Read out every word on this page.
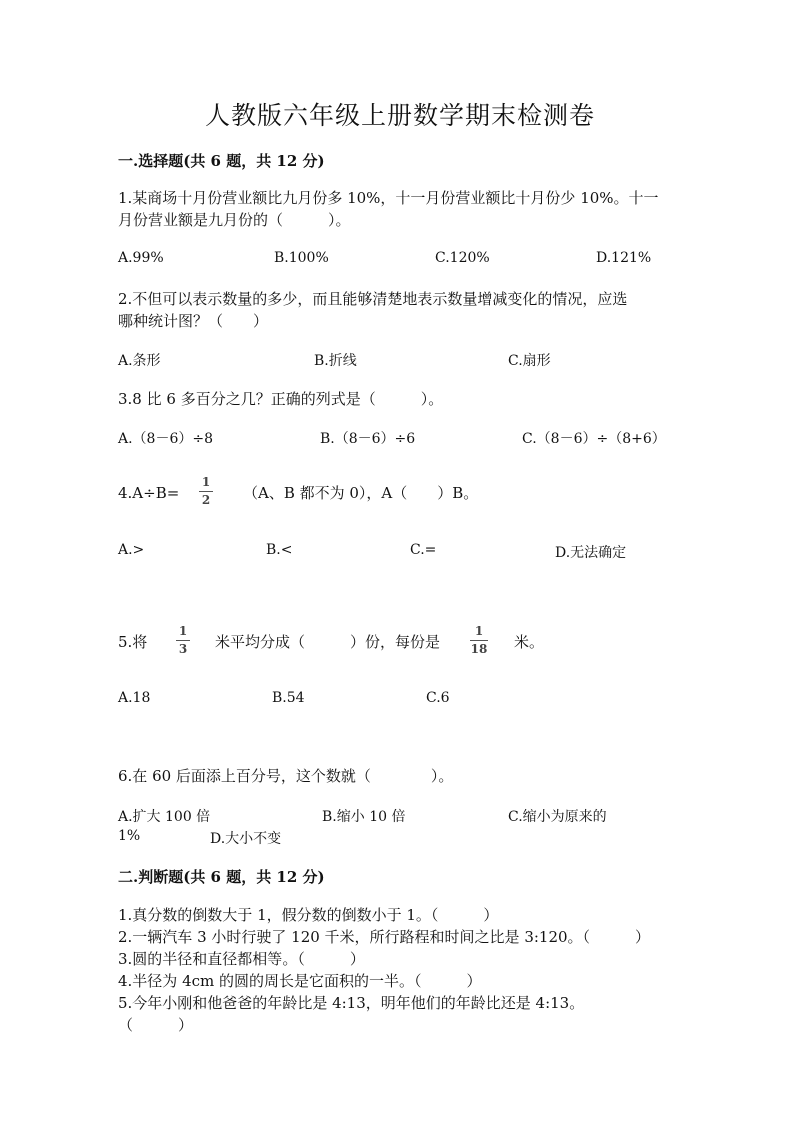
人教版六年级上册数学期末检测卷
一.选择题(共 6 题，共 12 分)
1.某商场十月份营业额比九月份多 10%，十一月份营业额比十月份少 10%。十一
月份营业额是九月份的（　　　）。
A.99%	B.100%	C.120%	D.121%
2.不但可以表示数量的多少，而且能够清楚地表示数量增减变化的情况，应选
哪种统计图？（　　）
A.条形	B.折线	C.扇形
3.8 比 6 多百分之几？正确的列式是（　　　）。
A.（8－6）÷8	B.（8－6）÷6	C.（8－6）÷（8+6）
4.A÷B=
1
2 （A、B 都不为 0），A（　　）B。
A.>	B.<	C.=	D.无法确定
5.将
1
3 米平均分成（　　　）份，每份是
1
18 米。
A.18	B.54	C.6
6.在 60 后面添上百分号，这个数就（　　　　）。
A.扩大 100 倍	B.缩小 10 倍	C.缩小为原来的
1%	D.大小不变
二.判断题(共 6 题，共 12 分)
1.真分数的倒数大于 1，假分数的倒数小于 1。（　　　）
2.一辆汽车 3 小时行驶了 120 千米，所行路程和时间之比是 3:120。（　　　）
3.圆的半径和直径都相等。（　　　）
4.半径为 4cm 的圆的周长是它面积的一半。（　　　）
5.今年小刚和他爸爸的年龄比是 4:13，明年他们的年龄比还是 4:13。
（　　　）
